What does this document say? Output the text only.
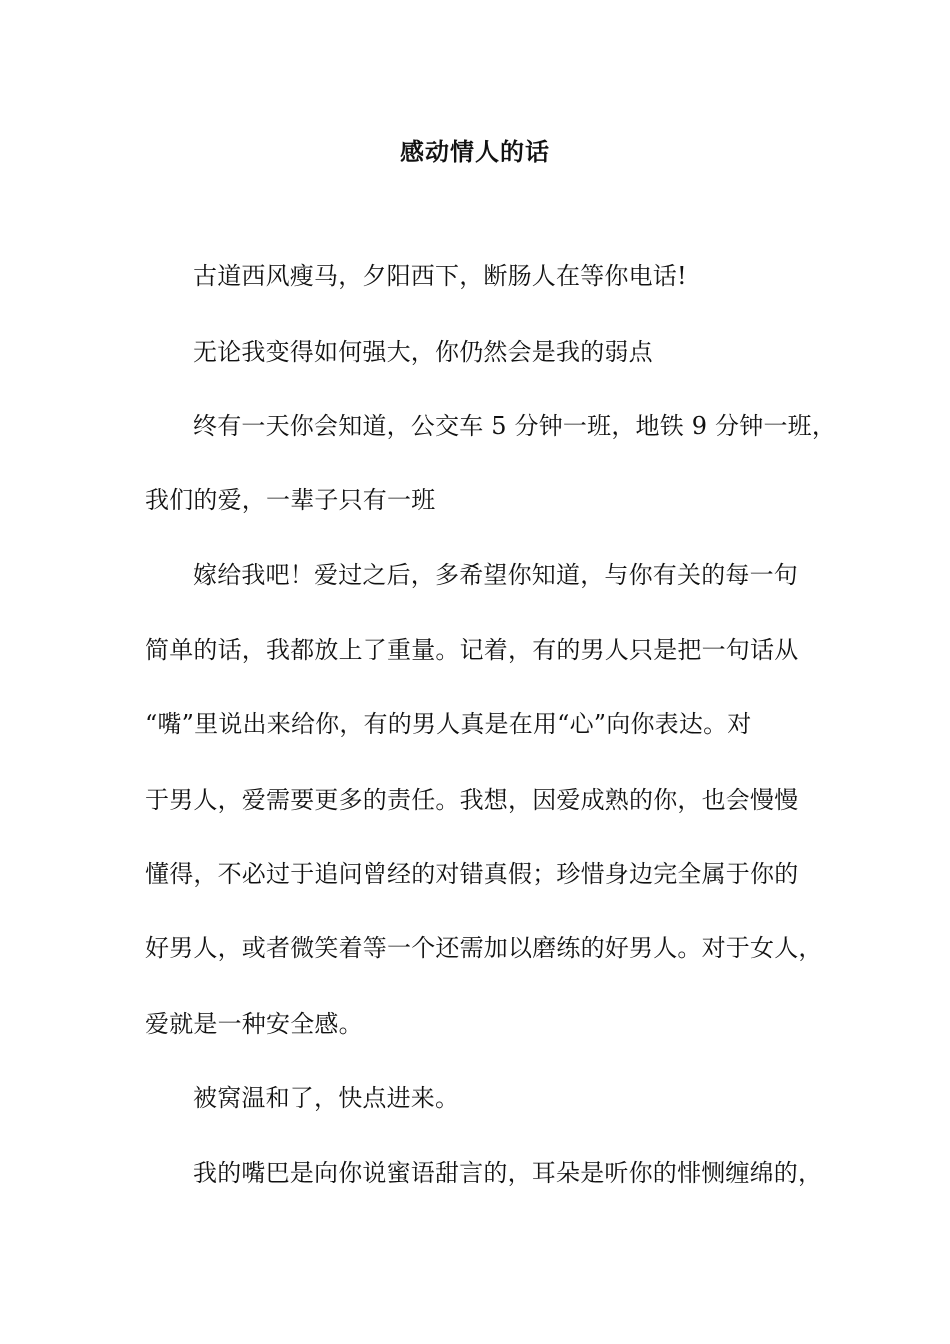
感动情人的话
古道西风瘦马，夕阳西下，断肠人在等你电话!
无论我变得如何强大，你仍然会是我的弱点
终有一天你会知道，公交车 5 分钟一班，地铁 9 分钟一班，
我们的爱，一辈子只有一班
嫁给我吧！爱过之后，多希望你知道，与你有关的每一句
简单的话，我都放上了重量。记着，有的男人只是把一句话从
“嘴”里说出来给你，有的男人真是在用“心”向你表达。对
于男人，爱需要更多的责任。我想，因爱成熟的你，也会慢慢
懂得，不必过于追问曾经的对错真假；珍惜身边完全属于你的
好男人，或者微笑着等一个还需加以磨练的好男人。对于女人，
爱就是一种安全感。
被窝温和了，快点进来。
我的嘴巴是向你说蜜语甜言的，耳朵是听你的悱恻缠绵的，
